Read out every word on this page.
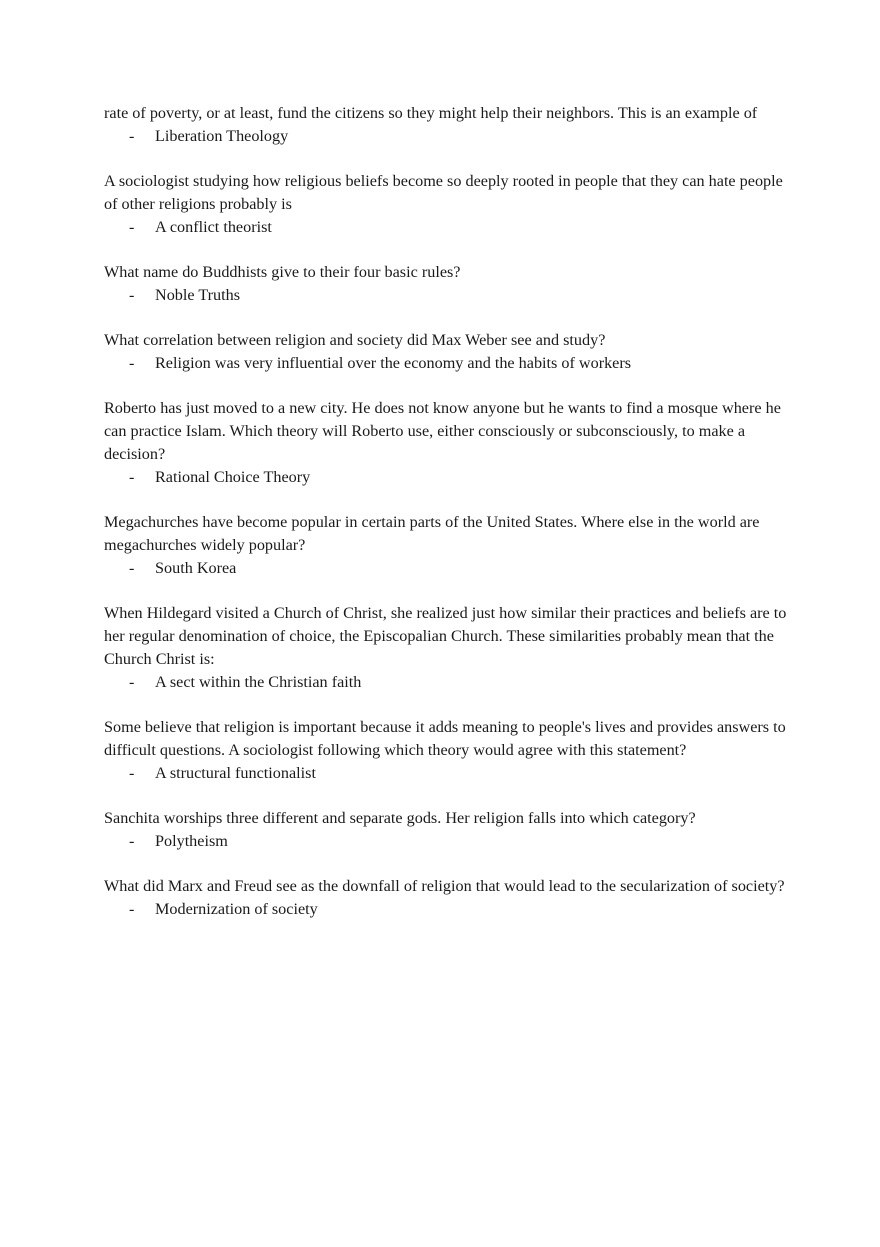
rate of poverty, or at least, fund the citizens so they might help their neighbors. This is an example of

- Liberation Theology

A sociologist studying how religious beliefs become so deeply rooted in people that they can hate people of other religions probably is

- A conflict theorist

What name do Buddhists give to their four basic rules?

- Noble Truths

What correlation between religion and society did Max Weber see and study?

- Religion was very influential over the economy and the habits of workers

Roberto has just moved to a new city. He does not know anyone but he wants to find a mosque where he can practice Islam. Which theory will Roberto use, either consciously or subconsciously, to make a decision?

- Rational Choice Theory

Megachurches have become popular in certain parts of the United States. Where else in the world are megachurches widely popular?

- South Korea

When Hildegard visited a Church of Christ, she realized just how similar their practices and beliefs are to her regular denomination of choice, the Episcopalian Church. These similarities probably mean that the Church Christ is:

- A sect within the Christian faith

Some believe that religion is important because it adds meaning to people's lives and provides answers to difficult questions. A sociologist following which theory would agree with this statement?

- A structural functionalist

Sanchita worships three different and separate gods. Her religion falls into which category?

- Polytheism

What did Marx and Freud see as the downfall of religion that would lead to the secularization of society?

- Modernization of society
